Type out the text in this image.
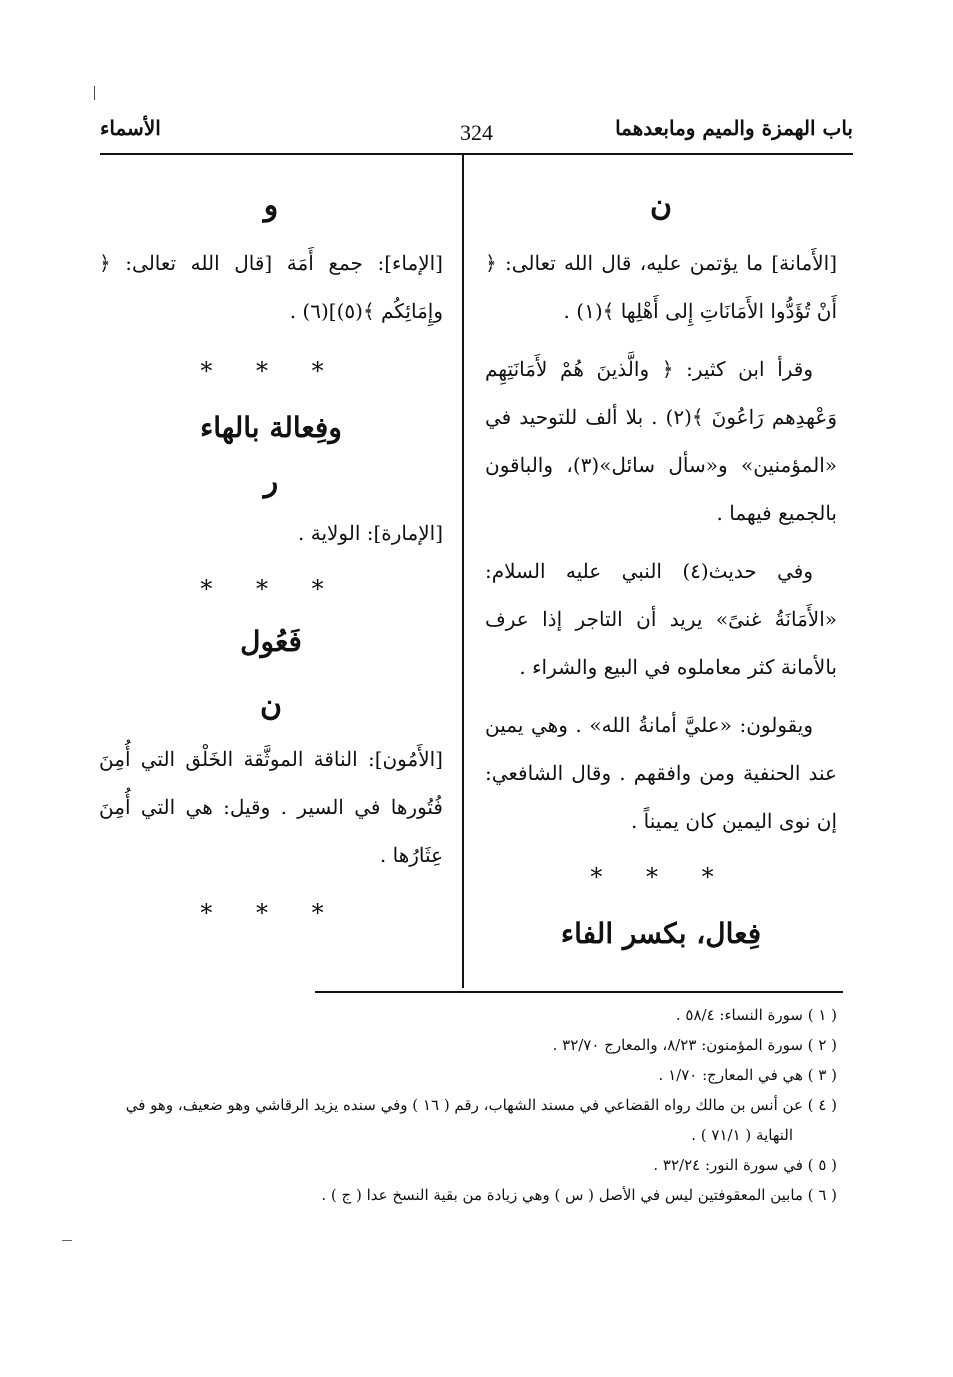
باب الهمزة والميم ومابعدهما
324
الأسماء

ن

[الأَمانة] ما يؤتمن عليه، قال الله تعالى: ﴿ أَنْ تُؤَدُّوا الأَمَانَاتِ إِلى أَهْلِها ﴾(١) .

وقرأ ابن كثير: ﴿ والَّذينَ هُمْ لأَمَانَتِهِم وَعْهدِهم رَاعُونَ ﴾(٢) . بلا ألف للتوحيد في «المؤمنين» و«سأل سائل»(٣)، والباقون بالجميع فيهما .

وفي حديث(٤) النبي عليه السلام: «الأَمَانَةُ غنىً» يريد أن التاجر إذا عرف بالأمانة كثر معاملوه في البيع والشراء .

ويقولون: «عليَّ أمانةُ الله» . وهي يمين عند الحنفية ومن وافقهم . وقال الشافعي: إن نوى اليمين كان يميناً .

* * *

فِعال، بكسر الفاء

و

[الإماء]: جمع أَمَة [قال الله تعالى: ﴿ وإِمَائِكُم ﴾(٥)](٦) .

* * *

وفِعالة بالهاء

ر

[الإمارة]: الولاية .

* * *

فَعُول

ن

[الأَمُون]: الناقة الموثَّقة الخَلْق التي أُمِنَ فُتُورها في السير . وقيل: هي التي أُمِنَ عِثَارُها .

* * *

( ١ ) سورة النساء: ٥٨/٤ .

( ٢ ) سورة المؤمنون: ٨/٢٣، والمعارج ٣٢/٧٠ .

( ٣ ) هي في المعارج: ١/٧٠ .

( ٤ ) عن أنس بن مالك رواه القضاعي في مسند الشهاب، رقم ( ١٦ ) وفي سنده يزيد الرقاشي وهو ضعيف، وهو في

النهاية ( ٧١/١ ) .

( ٥ ) في سورة النور: ٣٢/٢٤ .

( ٦ ) مابين المعقوفتين ليس في الأصل ( س ) وهي زيادة من بقية النسخ عدا ( ج ) .
